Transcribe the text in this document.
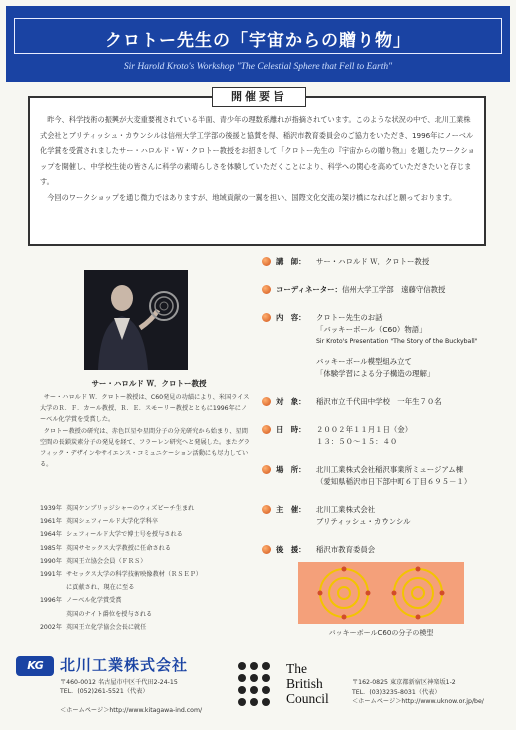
クロトー先生の「宇宙からの贈り物」
Sir Harold Kroto's Workshop "The Celestial Sphere that Fell to Earth"
開催要旨

昨今、科学技術の振興が大変重要視されている半面、青少年の理数系離れが指摘されています。このような状況の中で、北川工業株式会社とブリティッシュ・カウンシルは信州大学工学部の後援と協賛を得、稲沢市教育委員会のご協力をいただき、1996年にノーベル化学賞を受賞されましたサー・ハロルド・Ｗ・クロトー教授をお招きして「クロトー先生の『宇宙からの贈り物』」を題したワークショップを開催し、中学校生徒の皆さんに科学の素晴らしさを体験していただくことにより、科学への関心を高めていただきたいと存じます。

今回のワークショップを通じ微力ではありますが、地域貢献の一翼を担い、国際文化交流の架け橋になればと願っております。

サー・ハロルド Ｗ．クロトー教授

サー・ハロルド Ｗ．クロトー教授は、C60発見の功績により、米国ライス大学のＲ．Ｆ．カール教授、Ｒ．Ｅ．スモーリー教授とともに1996年にノーベル化学賞を受賞した。

クロトー教授の研究は、赤色巨星や星間分子の分光研究から始まり、星間空間の長鎖炭素分子の発見を経て、フラーレン研究へと発展した。またグラフィック・デザインやサイエンス・コミュニケーション活動にも尽力している。

1939年 英国ケンブリッジシャーのウィズビーチ生まれ
1961年 英国シェフィールド大学化学科卒
1964年 シェフィールド大学で博士号を授与される
1985年 英国サセックス大学教授に任命される
1990年 英国王立協会会員（ＦＲＳ）
1991年 サセックス大学の科学技術映像教材（ＲＳＥＰ）
に貢献され、現在に至る
1996年 ノーベル化学賞受賞
英国のナイト爵位を授与される
2002年 英国王立化学協会会長に就任
講　師：	サー・ハロルド Ｗ．クロトー教授
コーディネーター：信州大学工学部　遠藤守信教授
内　容：	クロトー先生のお話
「バッキーボール（C60）物語」
Sir Kroto's Presentation "The Story of the Buckyball"
バッキーボール模型組み立て
「体験学習による分子構造の理解」
対　象：	稲沢市立千代田中学校　一年生７０名
日　時：	２００２年１１月１日（金）
１３：５０～１５：４０
場　所：	北川工業株式会社稲沢事業所ミュージアム棟
（愛知県稲沢市日下部中町６丁目６９５－１）
主　催：	北川工業株式会社
ブリティッシュ・カウンシル
後　援：	稲沢市教育委員会
バッキーボールC60の分子の模型
KG	北川工業株式会社
〒460-0012 名古屋市中区千代田2-24-15
TEL．(052)261-5521（代表）
＜ホームページ＞http://www.kitagawa-ind.com/
The
British
Council
〒162-0825 東京都新宿区神楽坂1-2
TEL．(03)3235-8031（代表）
＜ホームページ＞http://www.uknow.or.jp/be/
